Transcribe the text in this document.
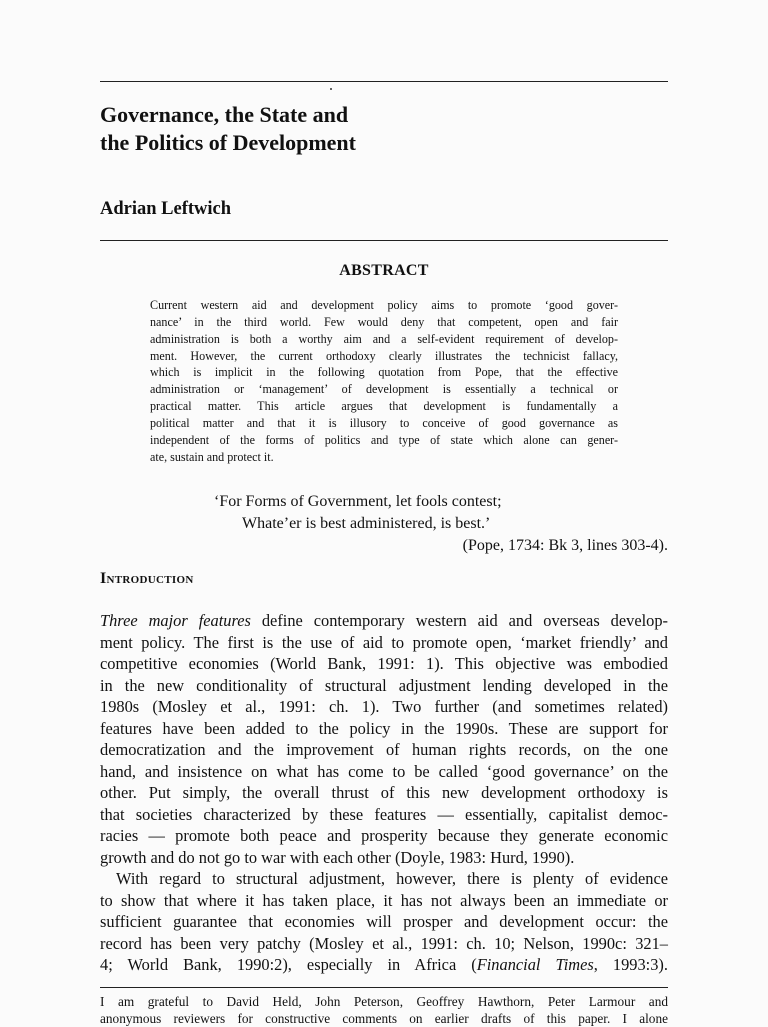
Governance, the State and
the Politics of Development
Adrian Leftwich
ABSTRACT
Current western aid and development policy aims to promote ‘good gover-
nance’ in the third world. Few would deny that competent, open and fair
administration is both a worthy aim and a self-evident requirement of develop-
ment. However, the current orthodoxy clearly illustrates the technicist fallacy,
which is implicit in the following quotation from Pope, that the effective
administration or ‘management’ of development is essentially a technical or
practical matter. This article argues that development is fundamentally a
political matter and that it is illusory to conceive of good governance as
independent of the forms of politics and type of state which alone can gener-
ate, sustain and protect it.
‘For Forms of Government, let fools contest;
Whate’er is best administered, is best.’
(Pope, 1734: Bk 3, lines 303-4).
Introduction
Three major features define contemporary western aid and overseas develop-
ment policy. The first is the use of aid to promote open, ‘market friendly’ and
competitive economies (World Bank, 1991: 1). This objective was embodied
in the new conditionality of structural adjustment lending developed in the
1980s (Mosley et al., 1991: ch. 1). Two further (and sometimes related)
features have been added to the policy in the 1990s. These are support for
democratization and the improvement of human rights records, on the one
hand, and insistence on what has come to be called ‘good governance’ on the
other. Put simply, the overall thrust of this new development orthodoxy is
that societies characterized by these features — essentially, capitalist democ-
racies — promote both peace and prosperity because they generate economic
growth and do not go to war with each other (Doyle, 1983: Hurd, 1990).
With regard to structural adjustment, however, there is plenty of evidence
to show that where it has taken place, it has not always been an immediate or
sufficient guarantee that economies will prosper and development occur: the
record has been very patchy (Mosley et al., 1991: ch. 10; Nelson, 1990c: 321–
4; World Bank, 1990:2), especially in Africa (Financial Times, 1993:3).
I am grateful to David Held, John Peterson, Geoffrey Hawthorn, Peter Larmour and
anonymous reviewers for constructive comments on earlier drafts of this paper. I alone
